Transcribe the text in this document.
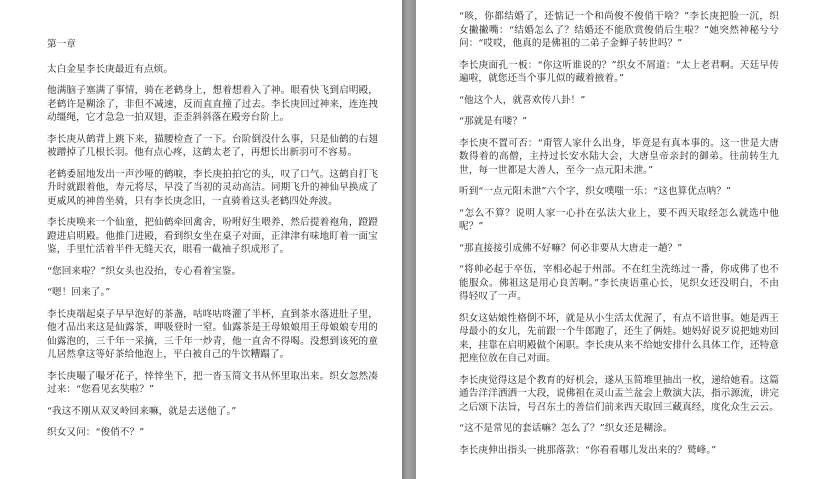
第一章

太白金星李长庚最近有点烦。

他满脑子塞满了事情，骑在老鹤身上，想着想着入了神。眼看快飞到启明殿，老鹤许是糊涂了，非但不减速，反而直直撞了过去。李长庚回过神来，连连拽动缰绳，它才急急一拍双翅，歪歪斜斜落在殿旁台阶上。

李长庚从鹤背上跳下来，猫腰检查了一下。台阶倒没什么事，只是仙鹤的右翅被蹭掉了几根长羽。他有点心疼，这鹤太老了，再想长出新羽可不容易。

老鹤委屈地发出一声沙哑的鹤唳，李长庚拍拍它的头，叹了口气。这鹤自打飞升时就跟着他，寿元将尽，早没了当初的灵动高洁。同期飞升的神仙早换成了更威风的神兽坐骑，只有李长庚念旧，一直骑着这头老鹤四处奔波。

李长庚唤来一个仙童，把仙鹤牵回禽舍，吩咐好生喂养，然后提着袍角，蹬蹬蹬进启明殿。他推门进殿，看到织女坐在桌子对面，正津津有味地盯着一面宝鉴，手里忙活着半件无缝天衣，眼看一截袖子织成形了。

“您回来啦？”织女头也没抬，专心看着宝鉴。

“嗯！回来了。”

李长庚端起桌子早早泡好的茶盏，咕咚咕咚灌了半杯，直到茶水落进肚子里，他才品出来这是仙露茶，呷吸登时一窒。仙露茶是王母娘娘用王母娘娘专用的仙露泡的，三千年一采摘，三千年一炒青，他一直舍不得喝。没想到该死的童儿居然拿这等好茶给他泡上，平白被自己的牛饮糟蹋了。

李长庚嘬了嘬牙花子，悻悻坐下，把一沓玉简文书从怀里取出来。织女忽然凑过来：“您看见玄奘啦？”

“我这不刚从双叉岭回来嘛，就是去送他了。”

织女又问：“俊俏不？”

“咳，你都结婚了，还惦记一个和尚俊不俊俏干啥？”李长庚把脸一沉，织女撇撇嘴：“结婚怎么了？结婚还不能欣赏俊俏后生啦？”她突然神秘兮兮问：“哎哎，他真的是佛祖的二弟子金蝉子转世吗？”

李长庚面孔一板：“你这听谁说的？”织女不屑道：“太上老君啊。天廷早传遍啦，就您还当个事儿似的藏着掖着。”

“他这个人，就喜欢传八卦！”

“那就是有喽？”

李长庚不置可否：“甭管人家什么出身，毕竟是有真本事的。这一世是大唐数得着的高僧，主持过长安水陆大会，大唐皇帝亲封的御弟。往前转生九世，每一世都是大善人，至今一点元阳未泄。”

听到“一点元阳未泄”六个字，织女噗嗤一乐：“这也算优点呐？”

“怎么不算？说明人家一心扑在弘法大业上，要不西天取经怎么就选中他呢？”

“那直接接引成佛不好嘛？何必非要从大唐走一趟？”

“将帅必起于卒伍，宰相必起于州部。不在红尘洗练过一番，你成佛了也不能服众。佛祖这是用心良苦啊。”李长庚语重心长，见织女还没明白，不由得轻叹了一声。

织女这姑娘性格倒不坏，就是从小生活太优渥了，有点不谙世事。她是西王母最小的女儿，先前跟一个牛郎跑了，还生了俩娃。她妈好说歹说把她劝回来，挂靠在启明殿做个闲职。李长庚从来不给她安排什么具体工作，还特意把座位放在自己对面。

李长庚觉得这是个教育的好机会，遂从玉简堆里抽出一枚，递给她看。这篇通告洋洋洒洒一大段，说佛祖在灵山盂兰盆会上敷演大法，指示源流，讲完之后颂下法旨，号召东土的善信们前来西天取回三藏真经，度化众生云云。

“这不是常见的套话嘛？怎么了？”织女还是糊涂。

李长庚伸出指头一挑那落款：“你看看哪儿发出来的？鹫峰。”
